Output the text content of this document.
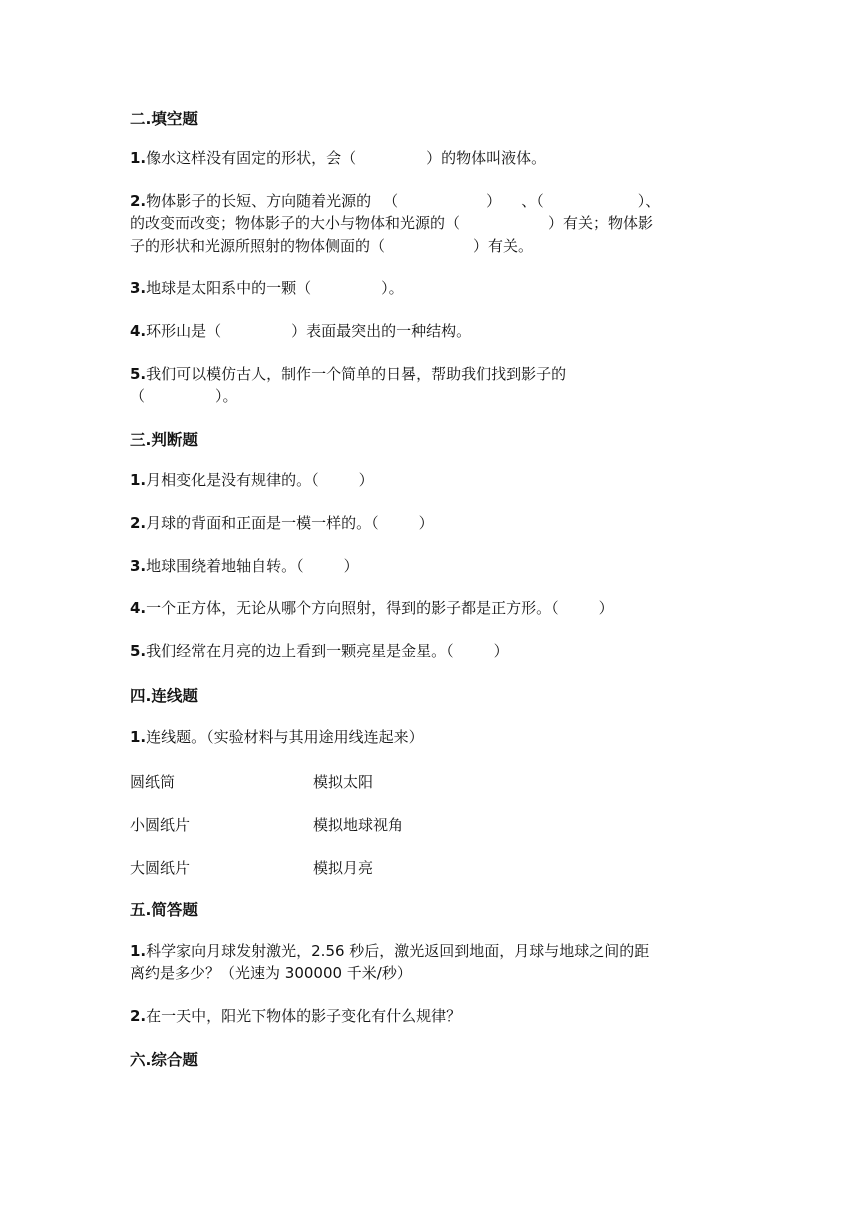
二.填空题
1.像水这样没有固定的形状，会（	）的物体叫液体。
2.物体影子的长短、方向随着光源的 （	） 、（	）、
的改变而改变；物体影子的大小与物体和光源的（	）有关；物体影
子的形状和光源所照射的物体侧面的（	）有关。
3.地球是太阳系中的一颗（	）。
4.环形山是（	）表面最突出的一种结构。
5.我们可以模仿古人，制作一个简单的日晷，帮助我们找到影子的
（	）。
三.判断题
1.月相变化是没有规律的。（	）
2.月球的背面和正面是一模一样的。（	）
3.地球围绕着地轴自转。（	）
4.一个正方体，无论从哪个方向照射，得到的影子都是正方形。（	）
5.我们经常在月亮的边上看到一颗亮星是金星。（	）
四.连线题
1.连线题。（实验材料与其用途用线连起来）
圆纸筒	模拟太阳
小圆纸片	模拟地球视角
大圆纸片	模拟月亮
五.简答题
1.科学家向月球发射激光，2.56 秒后，激光返回到地面，月球与地球之间的距
离约是多少？（光速为 300000 千米/秒）
2.在一天中，阳光下物体的影子变化有什么规律？
六.综合题
